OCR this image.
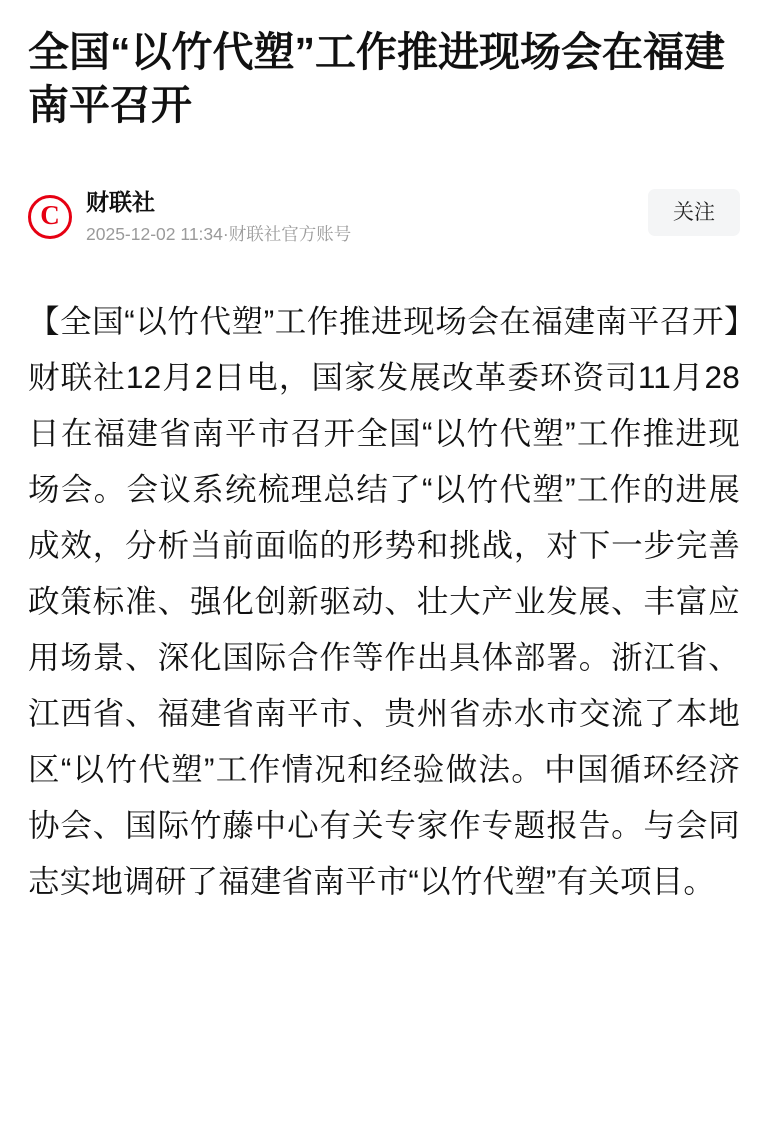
全国“以竹代塑”工作推进现场会在福建南平召开
C 财联社
2025-12-02 11:34·财联社官方账号
关注

【全国“以竹代塑”工作推进现场会在福建南平召开】财联社12月2日电，国家发展改革委环资司11月28日在福建省南平市召开全国“以竹代塑”工作推进现场会。会议系统梳理总结了“以竹代塑”工作的进展成效，分析当前面临的形势和挑战，对下一步完善政策标准、强化创新驱动、壮大产业发展、丰富应用场景、深化国际合作等作出具体部署。浙江省、江西省、福建省南平市、贵州省赤水市交流了本地区“以竹代塑”工作情况和经验做法。中国循环经济协会、国际竹藤中心有关专家作专题报告。与会同志实地调研了福建省南平市“以竹代塑”有关项目。
